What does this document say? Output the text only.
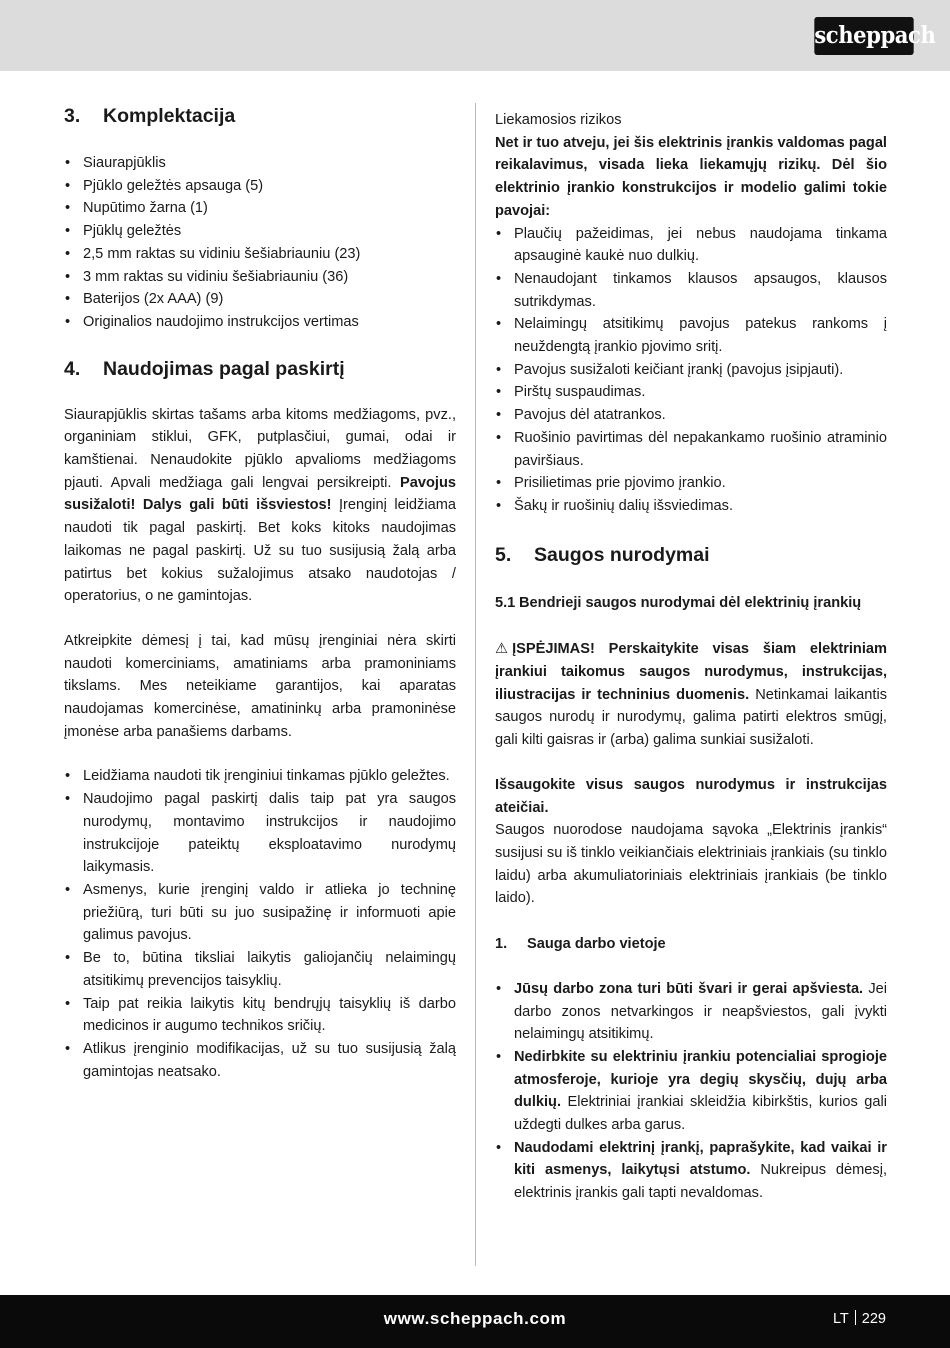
scheppach
3.	Komplektacija
• Siaurapjūklis
• Pjūklo geležtės apsauga (5)
• Nupūtimo žarna (1)
• Pjūklų geležtės
• 2,5 mm raktas su vidiniu šešiabriauniu (23)
• 3 mm raktas su vidiniu šešiabriauniu (36)
• Baterijos (2x AAA) (9)
• Originalios naudojimo instrukcijos vertimas
4.	Naudojimas pagal paskirtį

Siaurapjūklis skirtas tašams arba kitoms medžiagoms, pvz., organiniam stiklui, GFK, putplasčiui, gumai, odai ir kamštienai. Nenaudokite pjūklo apvalioms medžiagoms pjauti. Apvali medžiaga gali lengvai persikreipti. Pavojus susižaloti! Dalys gali būti išsviestos! Įrenginį leidžiama naudoti tik pagal paskirtį. Bet koks kitoks naudojimas laikomas ne pagal paskirtį. Už su tuo susijusią žalą arba patirtus bet kokius sužalojimus atsako naudotojas / operatorius, o ne gamintojas.

Atkreipkite dėmesį į tai, kad mūsų įrenginiai nėra skirti naudoti komerciniams, amatiniams arba pramoniniams tikslams. Mes neteikiame garantijos, kai aparatas naudojamas komercinėse, amatininkų arba pramoninėse įmonėse arba panašiems darbams.

• Leidžiama naudoti tik įrenginiui tinkamas pjūklo geležtes.
• Naudojimo pagal paskirtį dalis taip pat yra saugos nurodymų, montavimo instrukcijos ir naudojimo instrukcijoje pateiktų eksploatavimo nurodymų laikymasis.
• Asmenys, kurie įrenginį valdo ir atlieka jo techninę priežiūrą, turi būti su juo susipažinę ir informuoti apie galimus pavojus.
• Be to, būtina tiksliai laikytis galiojančių nelaimingų atsitikimų prevencijos taisyklių.
• Taip pat reikia laikytis kitų bendrųjų taisyklių iš darbo medicinos ir augumo technikos sričių.
• Atlikus įrenginio modifikacijas, už su tuo susijusią žalą gamintojas neatsako.
Liekamosios rizikos

Net ir tuo atveju, jei šis elektrinis įrankis valdomas pagal reikalavimus, visada lieka liekamųjų rizikų. Dėl šio elektrinio įrankio konstrukcijos ir modelio galimi tokie pavojai:

• Plaučių pažeidimas, jei nebus naudojama tinkama apsauginė kaukė nuo dulkių.
• Nenaudojant tinkamos klausos apsaugos, klausos sutrikdymas.
• Nelaimingų atsitikimų pavojus patekus rankoms į neuždengtą įrankio pjovimo sritį.
• Pavojus susižaloti keičiant įrankį (pavojus įsipjauti).
• Pirštų suspaudimas.
• Pavojus dėl atatrankos.
• Ruošinio pavirtimas dėl nepakankamo ruošinio atraminio paviršiaus.
• Prisilietimas prie pjovimo įrankio.
• Šakų ir ruošinių dalių išsviedimas.
5.	Saugos nurodymai
5.1 Bendrieji saugos nurodymai dėl elektrinių įrankių

⚠ ĮSPĖJIMAS! Perskaitykite visas šiam elektriniam įrankiui taikomus saugos nurodymus, instrukcijas, iliustracijas ir techninius duomenis. Netinkamai laikantis saugos nurodų ir nurodymų, galima patirti elektros smūgį, gali kilti gaisras ir (arba) galima sunkiai susižaloti.

Išsaugokite visus saugos nurodymus ir instrukcijas ateičiai.

Saugos nuorodose naudojama sąvoka „Elektrinis įrankis“ susijusi su iš tinklo veikiančiais elektriniais įrankiais (su tinklo laidu) arba akumuliatoriniais elektriniais įrankiais (be tinklo laido).

1. Sauga darbo vietoje
• Jūsų darbo zona turi būti švari ir gerai apšviesta. Jei darbo zonos netvarkingos ir neapšviestos, gali įvykti nelaimingų atsitikimų.
• Nedirbkite su elektriniu įrankiu potencialiai sprogioje atmosferoje, kurioje yra degių skysčių, dujų arba dulkių. Elektriniai įrankiai skleidžia kibirkštis, kurios gali uždegti dulkes arba garus.
• Naudodami elektrinį įrankį, paprašykite, kad vaikai ir kiti asmenys, laikytųsi atstumo. Nukreipus dėmesį, elektrinis įrankis gali tapti nevaldomas.
www.scheppach.com	LT 229
